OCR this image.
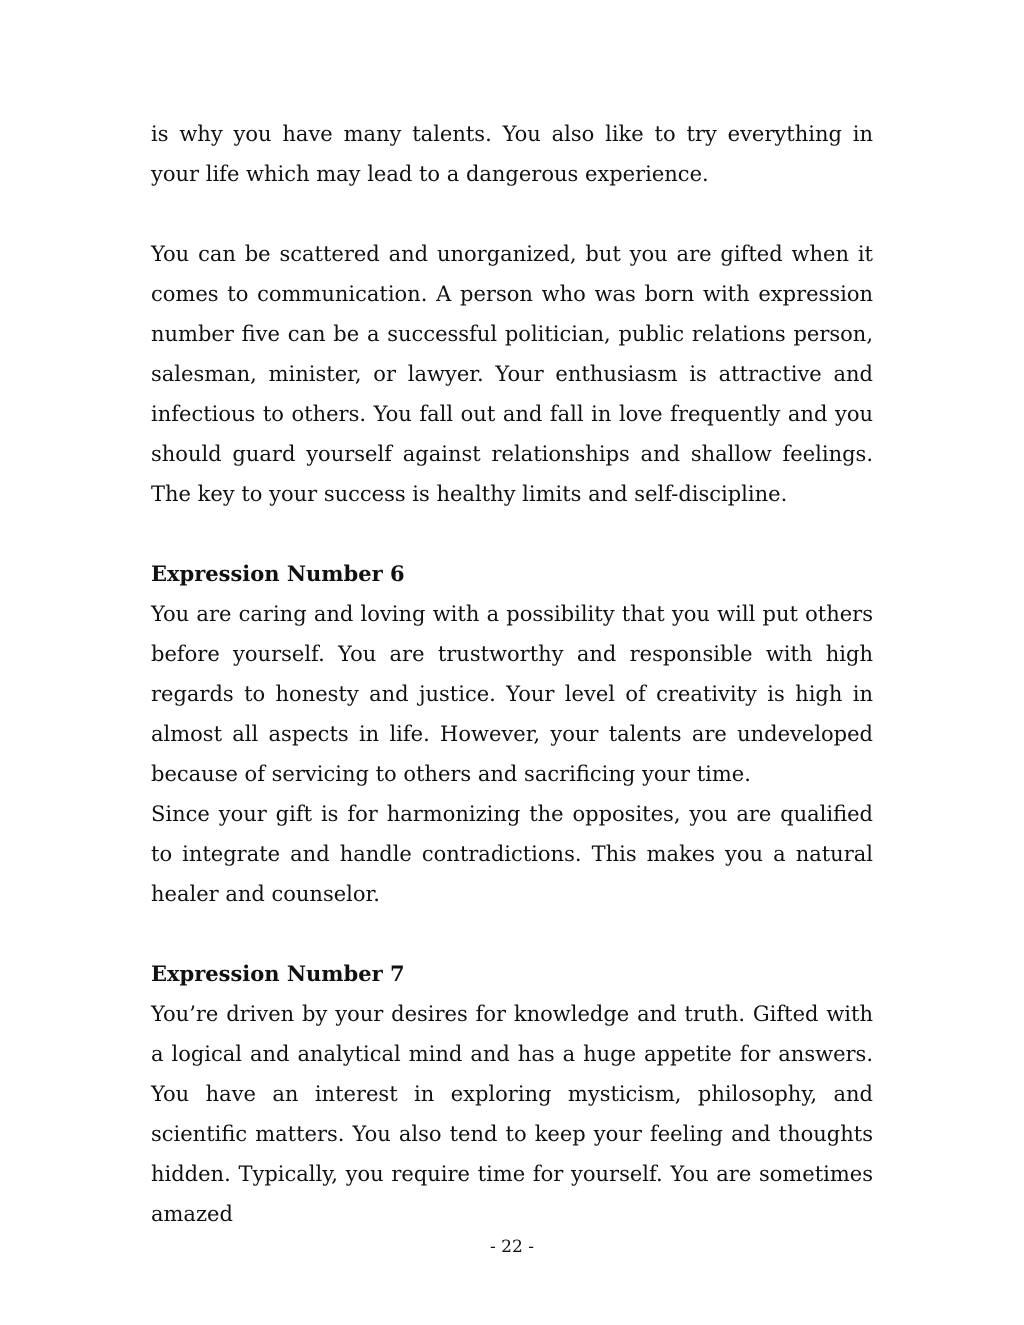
is why you have many talents. You also like to try everything in your life which may lead to a dangerous experience.

You can be scattered and unorganized, but you are gifted when it comes to communication. A person who was born with expression number five can be a successful politician, public relations person, salesman, minister, or lawyer. Your enthusiasm is attractive and infectious to others. You fall out and fall in love frequently and you should guard yourself against relationships and shallow feelings. The key to your success is healthy limits and self-discipline.

Expression Number 6

You are caring and loving with a possibility that you will put others before yourself. You are trustworthy and responsible with high regards to honesty and justice. Your level of creativity is high in almost all aspects in life. However, your talents are undeveloped because of servicing to others and sacrificing your time.

Since your gift is for harmonizing the opposites, you are qualified to integrate and handle contradictions. This makes you a natural healer and counselor.

Expression Number 7

You’re driven by your desires for knowledge and truth. Gifted with a logical and analytical mind and has a huge appetite for answers. You have an interest in exploring mysticism, philosophy, and scientific matters. You also tend to keep your feeling and thoughts hidden. Typically, you require time for yourself. You are sometimes amazed

- 22 -
